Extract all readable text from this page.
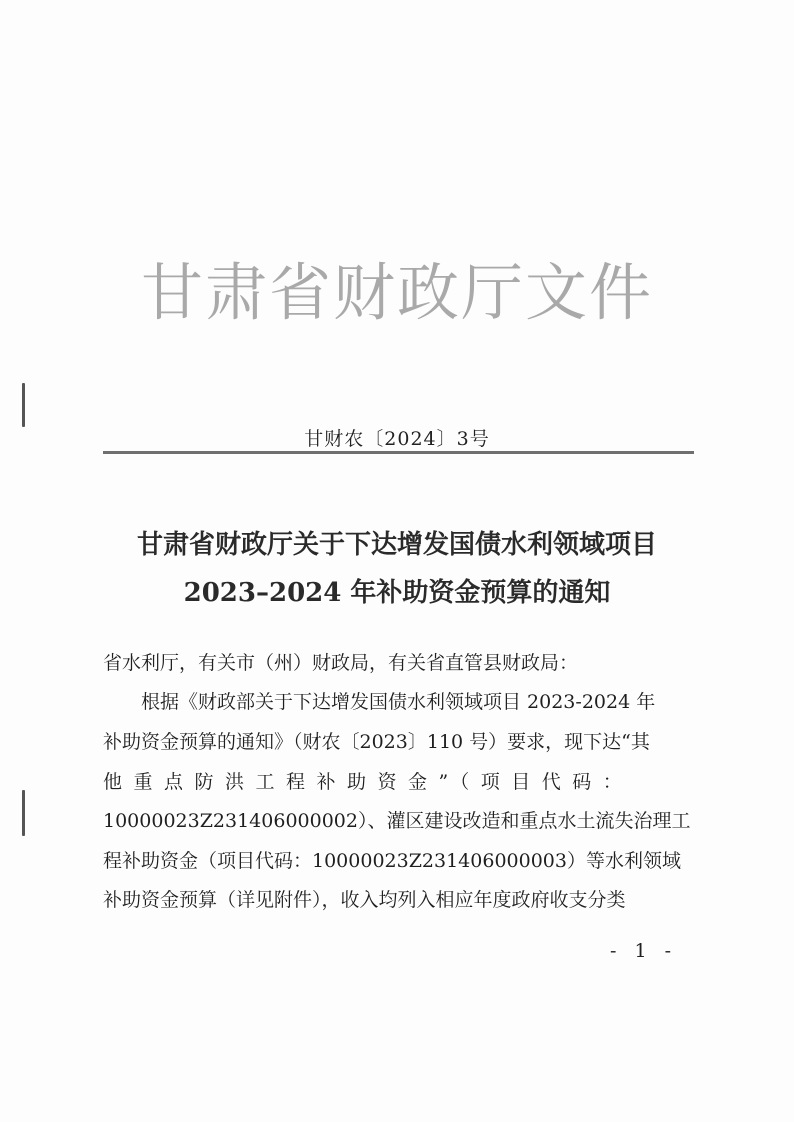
甘肃省财政厅文件
甘财农〔2024〕3号
甘肃省财政厅关于下达增发国债水利领域项目
2023–2024 年补助资金预算的通知
省水利厅，有关市（州）财政局，有关省直管县财政局：
根据《财政部关于下达增发国债水利领域项目 2023-2024 年
补助资金预算的通知》（财农〔2023〕110 号）要求，现下达“其
他重点防洪工程补助资金”（项目代码：
10000023Z231406000002）、灌区建设改造和重点水土流失治理工
程补助资金（项目代码：10000023Z231406000003）等水利领域
补助资金预算（详见附件），收入均列入相应年度政府收支分类
- 1 -
